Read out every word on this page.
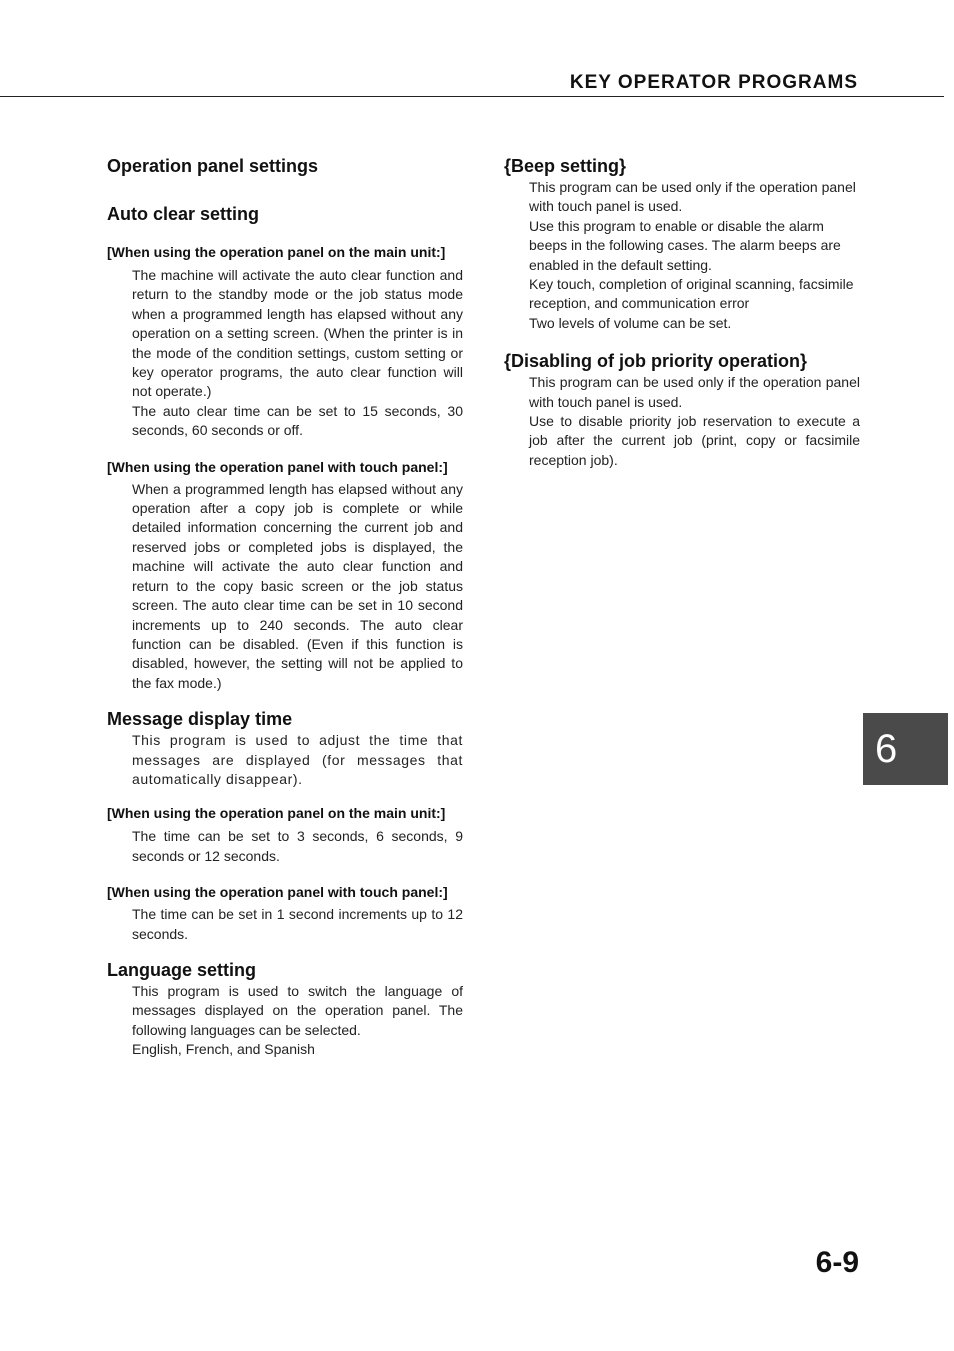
KEY OPERATOR PROGRAMS
Operation panel settings
Auto clear setting

[When using the operation panel on the main unit:]

The machine will activate the auto clear function and return to the standby mode or the job status mode when a programmed length has elapsed without any operation on a setting screen. (When the printer is in the mode of the condition settings, custom setting or key operator programs, the auto clear function will not operate.)
The auto clear time can be set to 15 seconds, 30 seconds, 60 seconds or off.

[When using the operation panel with touch panel:]

When a programmed length has elapsed without any operation after a copy job is complete or while detailed information concerning the current job and reserved jobs or completed jobs is displayed, the machine will activate the auto clear function and return to the copy basic screen or the job status screen. The auto clear time can be set in 10 second increments up to 240 seconds. The auto clear function can be disabled. (Even if this function is disabled, however, the setting will not be applied to the fax mode.)

Message display time

This program is used to adjust the time that messages are displayed (for messages that automatically disappear).

[When using the operation panel on the main unit:]

The time can be set to 3 seconds, 6 seconds, 9 seconds or 12 seconds.

[When using the operation panel with touch panel:]

The time can be set in 1 second increments up to 12 seconds.

Language setting

This program is used to switch the language of messages displayed on the operation panel. The following languages can be selected.
English, French, and Spanish

{Beep setting}

This program can be used only if the operation panel with touch panel is used.
Use this program to enable or disable the alarm beeps in the following cases. The alarm beeps are enabled in the default setting.
Key touch, completion of original scanning, facsimile reception, and communication error
Two levels of volume can be set.

{Disabling of job priority operation}

This program can be used only if the operation panel with touch panel is used.
Use to disable priority job reservation to execute a job after the current job (print, copy or facsimile reception job).

6
6-9
